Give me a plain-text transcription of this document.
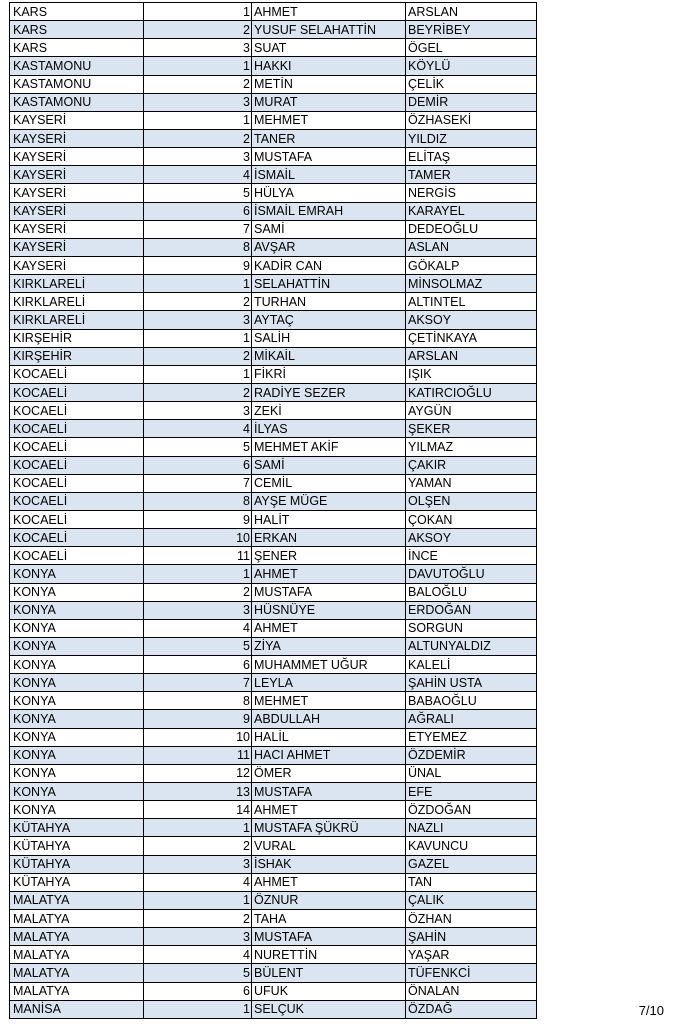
KARS	1	AHMET	ARSLAN
KARS	2	YUSUF SELAHATTİN	BEYRİBEY
KARS	3	SUAT	ÖGEL
KASTAMONU	1	HAKKI	KÖYLÜ
KASTAMONU	2	METİN	ÇELİK
KASTAMONU	3	MURAT	DEMİR
KAYSERİ	1	MEHMET	ÖZHASEKİ
KAYSERİ	2	TANER	YILDIZ
KAYSERİ	3	MUSTAFA	ELİTAŞ
KAYSERİ	4	İSMAİL	TAMER
KAYSERİ	5	HÜLYA	NERGİS
KAYSERİ	6	İSMAİL EMRAH	KARAYEL
KAYSERİ	7	SAMİ	DEDEOĞLU
KAYSERİ	8	AVŞAR	ASLAN
KAYSERİ	9	KADİR CAN	GÖKALP
KIRKLARELİ	1	SELAHATTİN	MİNSOLMAZ
KIRKLARELİ	2	TURHAN	ALTINTEL
KIRKLARELİ	3	AYTAÇ	AKSOY
KIRŞEHİR	1	SALİH	ÇETİNKAYA
KIRŞEHİR	2	MİKAİL	ARSLAN
KOCAELİ	1	FİKRİ	IŞIK
KOCAELİ	2	RADİYE SEZER	KATIRCIOĞLU
KOCAELİ	3	ZEKİ	AYGÜN
KOCAELİ	4	İLYAS	ŞEKER
KOCAELİ	5	MEHMET AKİF	YILMAZ
KOCAELİ	6	SAMİ	ÇAKIR
KOCAELİ	7	CEMİL	YAMAN
KOCAELİ	8	AYŞE MÜGE	OLŞEN
KOCAELİ	9	HALİT	ÇOKAN
KOCAELİ	10	ERKAN	AKSOY
KOCAELİ	11	ŞENER	İNCE
KONYA	1	AHMET	DAVUTOĞLU
KONYA	2	MUSTAFA	BALOĞLU
KONYA	3	HÜSNÜYE	ERDOĞAN
KONYA	4	AHMET	SORGUN
KONYA	5	ZİYA	ALTUNYALDIZ
KONYA	6	MUHAMMET UĞUR	KALELİ
KONYA	7	LEYLA	ŞAHİN USTA
KONYA	8	MEHMET	BABAOĞLU
KONYA	9	ABDULLAH	AĞRALI
KONYA	10	HALİL	ETYEMEZ
KONYA	11	HACI AHMET	ÖZDEMİR
KONYA	12	ÖMER	ÜNAL
KONYA	13	MUSTAFA	EFE
KONYA	14	AHMET	ÖZDOĞAN
KÜTAHYA	1	MUSTAFA ŞÜKRÜ	NAZLI
KÜTAHYA	2	VURAL	KAVUNCU
KÜTAHYA	3	İSHAK	GAZEL
KÜTAHYA	4	AHMET	TAN
MALATYA	1	ÖZNUR	ÇALIK
MALATYA	2	TAHA	ÖZHAN
MALATYA	3	MUSTAFA	ŞAHİN
MALATYA	4	NURETTİN	YAŞAR
MALATYA	5	BÜLENT	TÜFENKCİ
MALATYA	6	UFUK	ÖNALAN
MANİSA	1	SELÇUK	ÖZDAĞ	7/10
